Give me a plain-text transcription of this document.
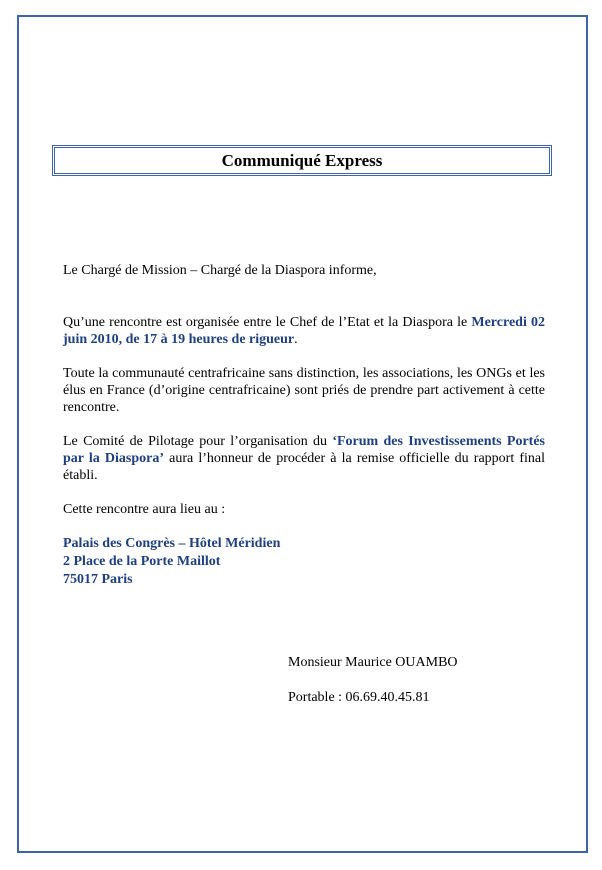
Communiqué Express

Le Chargé de Mission – Chargé de la Diaspora informe,

Qu’une rencontre est organisée entre le Chef de l’Etat et la Diaspora le Mercredi 02 juin 2010, de 17 à 19 heures de rigueur.

Toute la communauté centrafricaine sans distinction, les associations, les ONGs et les élus en France (d’origine centrafricaine) sont priés de prendre part activement à cette rencontre.

Le Comité de Pilotage pour l’organisation du ‘Forum des Investissements Portés par la Diaspora’ aura l’honneur de procéder à la remise officielle du rapport final établi.

Cette rencontre aura lieu au :

Palais des Congrès – Hôtel Méridien
2 Place de la Porte Maillot
75017 Paris
Monsieur Maurice OUAMBO
Portable : 06.69.40.45.81
